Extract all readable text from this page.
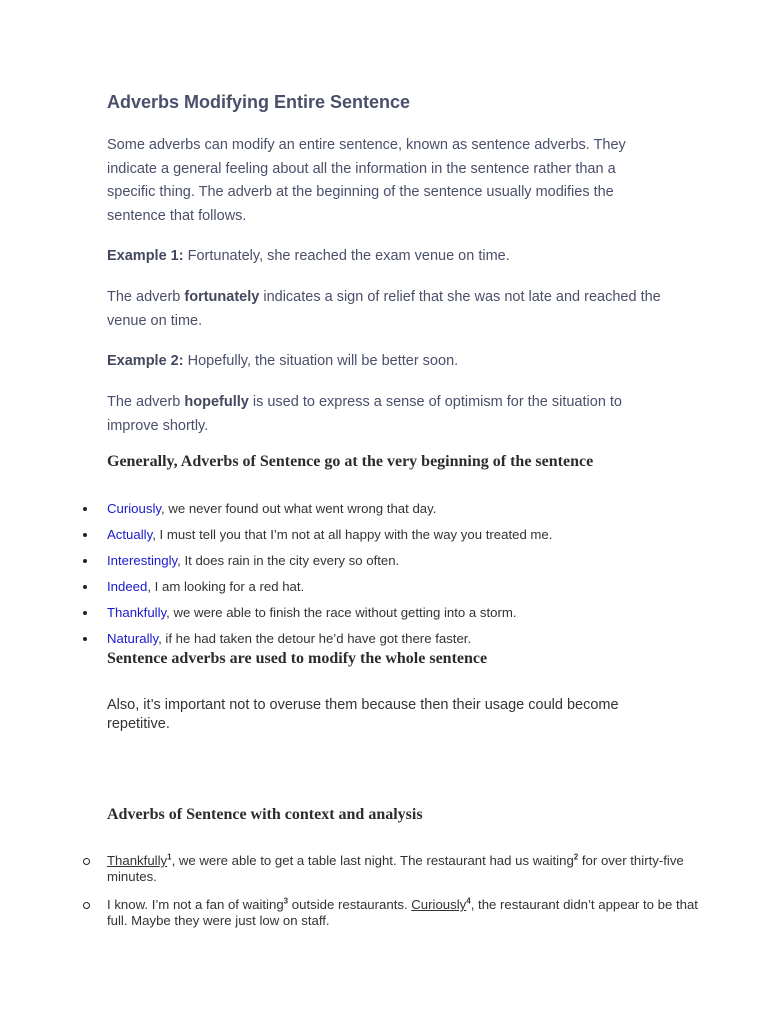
Adverbs Modifying Entire Sentence

Some adverbs can modify an entire sentence, known as sentence adverbs. They indicate a general feeling about all the information in the sentence rather than a specific thing. The adverb at the beginning of the sentence usually modifies the sentence that follows.

Example 1: Fortunately, she reached the exam venue on time.

The adverb fortunately indicates a sign of relief that she was not late and reached the venue on time.

Example 2: Hopefully, the situation will be better soon.

The adverb hopefully is used to express a sense of optimism for the situation to improve shortly.

Generally, Adverbs of Sentence go at the very beginning of the sentence
Curiously, we never found out what went wrong that day.
Actually, I must tell you that I’m not at all happy with the way you treated me.
Interestingly, It does rain in the city every so often.
Indeed, I am looking for a red hat.
Thankfully, we were able to finish the race without getting into a storm.
Naturally, if he had taken the detour he’d have got there faster.
Sentence adverbs are used to modify the whole sentence

Also, it’s important not to overuse them because then their usage could become repetitive.

Adverbs of Sentence with context and analysis
Thankfully$^1$, we were able to get a table last night. The restaurant had us waiting$^2$ for over thirty-five minutes.
I know. I’m not a fan of waiting$^3$ outside restaurants. Curiously$^4$, the restaurant didn’t appear to be that full. Maybe they were just low on staff.
